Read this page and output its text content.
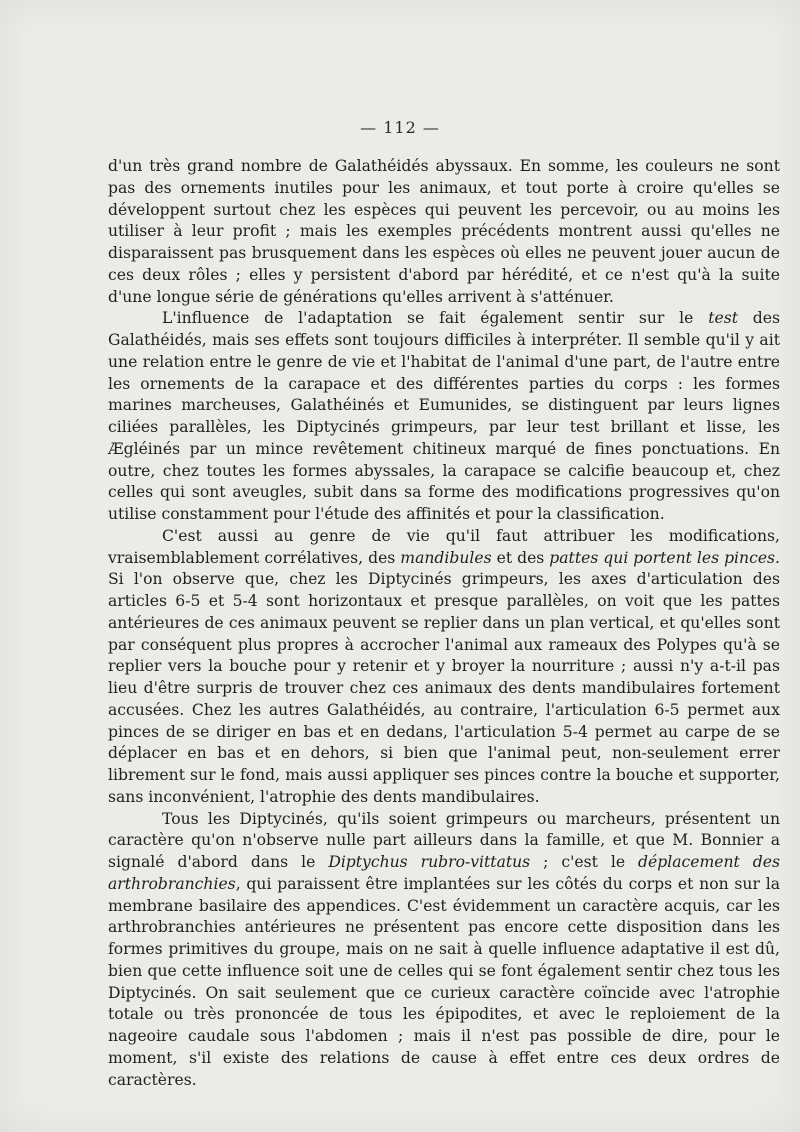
— 112 —

d'un très grand nombre de Galathéidés abyssaux. En somme, les couleurs ne sont pas des ornements inutiles pour les animaux, et tout porte à croire qu'elles se développent surtout chez les espèces qui peuvent les percevoir, ou au moins les utiliser à leur profit ; mais les exemples précédents montrent aussi qu'elles ne disparaissent pas brusquement dans les espèces où elles ne peuvent jouer aucun de ces deux rôles ; elles y persistent d'abord par hérédité, et ce n'est qu'à la suite d'une longue série de générations qu'elles arrivent à s'atténuer.

L'influence de l'adaptation se fait également sentir sur le test des Galathéidés, mais ses effets sont toujours difficiles à interpréter. Il semble qu'il y ait une relation entre le genre de vie et l'habitat de l'animal d'une part, de l'autre entre les ornements de la carapace et des différentes parties du corps : les formes marines marcheuses, Galathéinés et Eumunides, se distinguent par leurs lignes ciliées parallèles, les Diptycinés grimpeurs, par leur test brillant et lisse, les Ægléinés par un mince revêtement chitineux marqué de fines ponctuations. En outre, chez toutes les formes abyssales, la carapace se calcifie beaucoup et, chez celles qui sont aveugles, subit dans sa forme des modifications progressives qu'on utilise constamment pour l'étude des affinités et pour la classification.

C'est aussi au genre de vie qu'il faut attribuer les modifications, vraisemblablement corrélatives, des mandibules et des pattes qui portent les pinces. Si l'on observe que, chez les Diptycinés grimpeurs, les axes d'articulation des articles 6-5 et 5-4 sont horizontaux et presque parallèles, on voit que les pattes antérieures de ces animaux peuvent se replier dans un plan vertical, et qu'elles sont par conséquent plus propres à accrocher l'animal aux rameaux des Polypes qu'à se replier vers la bouche pour y retenir et y broyer la nourriture ; aussi n'y a-t-il pas lieu d'être surpris de trouver chez ces animaux des dents mandibulaires fortement accusées. Chez les autres Galathéidés, au contraire, l'articulation 6-5 permet aux pinces de se diriger en bas et en dedans, l'articulation 5-4 permet au carpe de se déplacer en bas et en dehors, si bien que l'animal peut, non-seulement errer librement sur le fond, mais aussi appliquer ses pinces contre la bouche et supporter, sans inconvénient, l'atrophie des dents mandibulaires.

Tous les Diptycinés, qu'ils soient grimpeurs ou marcheurs, présentent un caractère qu'on n'observe nulle part ailleurs dans la famille, et que M. Bonnier a signalé d'abord dans le Diptychus rubro-vittatus ; c'est le déplacement des arthrobranchies, qui paraissent être implantées sur les côtés du corps et non sur la membrane basilaire des appendices. C'est évidemment un caractère acquis, car les arthrobranchies antérieures ne présentent pas encore cette disposition dans les formes primitives du groupe, mais on ne sait à quelle influence adaptative il est dû, bien que cette influence soit une de celles qui se font également sentir chez tous les Diptycinés. On sait seulement que ce curieux caractère coïncide avec l'atrophie totale ou très prononcée de tous les épipodites, et avec le reploiement de la nageoire caudale sous l'abdomen ; mais il n'est pas possible de dire, pour le moment, s'il existe des relations de cause à effet entre ces deux ordres de caractères.
